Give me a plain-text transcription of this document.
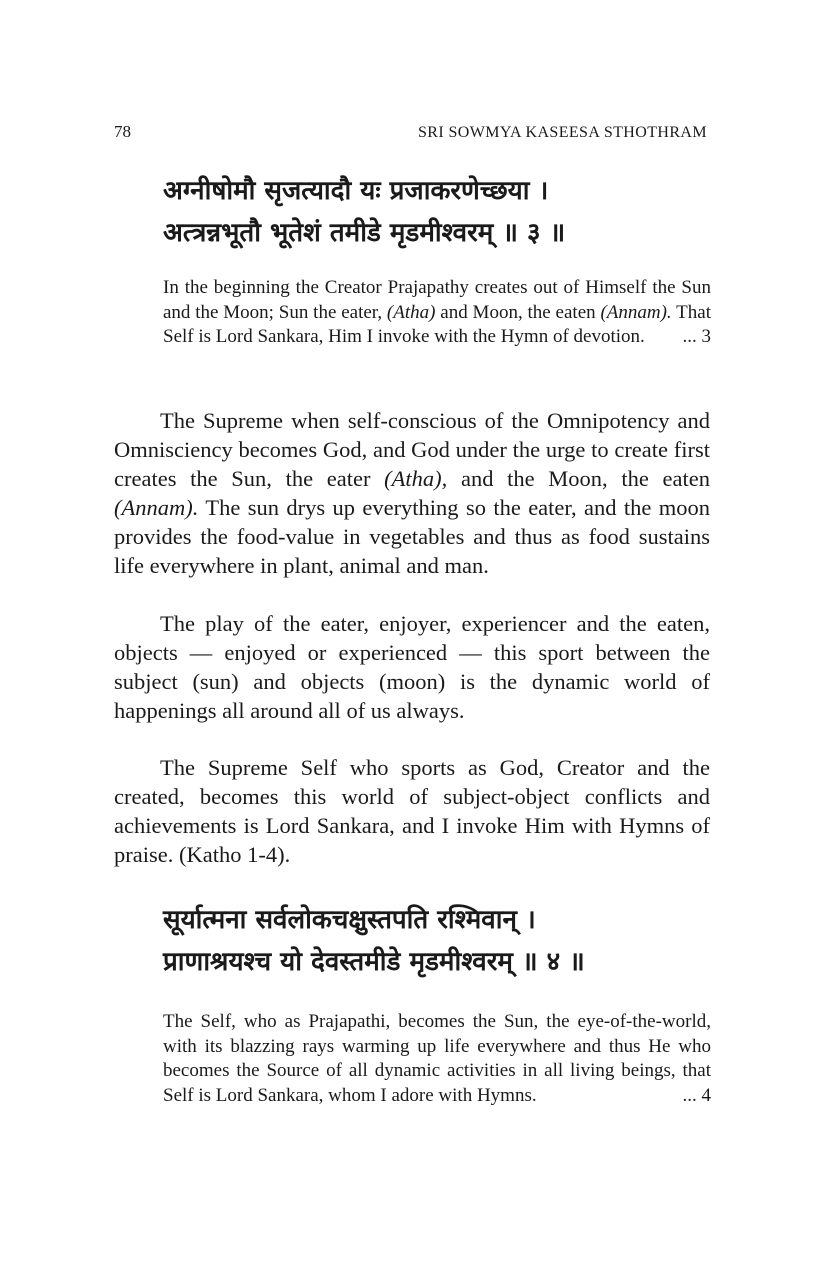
78	SRI SOWMYA KASEESA STHOTHRAM
अग्नीषोमौ सृजत्यादौ यः प्रजाकरणेच्छया ।
अत्त्रन्नभूतौ भूतेशं तमीडे मृडमीश्वरम् ॥ ३ ॥
In the beginning the Creator Prajapathy creates out of Himself the Sun and the Moon; Sun the eater, (Atha) and Moon, the eaten (Annam). That Self is Lord Sankara, Him I invoke with the Hymn of devotion. ... 3

The Supreme when self-conscious of the Omnipotency and Omnisciency becomes God, and God under the urge to create first creates the Sun, the eater (Atha), and the Moon, the eaten (Annam). The sun drys up everything so the eater, and the moon provides the food-value in vegetables and thus as food sustains life everywhere in plant, animal and man.

The play of the eater, enjoyer, experiencer and the eaten, objects — enjoyed or experienced — this sport between the subject (sun) and objects (moon) is the dynamic world of happenings all around all of us always.

The Supreme Self who sports as God, Creator and the created, becomes this world of subject-object conflicts and achievements is Lord Sankara, and I invoke Him with Hymns of praise. (Katho 1-4).

सूर्यात्मना सर्वलोकचक्षुस्तपति रश्मिवान् ।
प्राणाश्रयश्च यो देवस्तमीडे मृडमीश्वरम् ॥ ४ ॥
The Self, who as Prajapathi, becomes the Sun, the eye-of-the-world, with its blazzing rays warming up life everywhere and thus He who becomes the Source of all dynamic activities in all living beings, that Self is Lord Sankara, whom I adore with Hymns.	... 4
